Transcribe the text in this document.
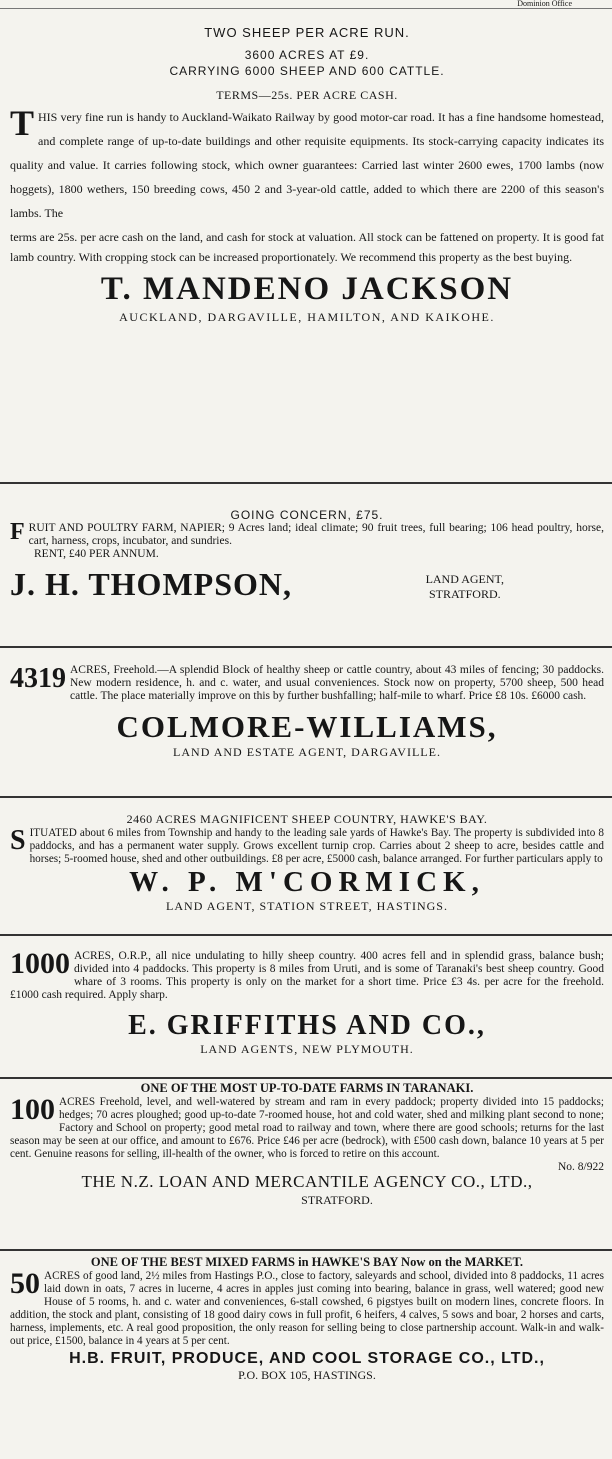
Dominion Office

TWO SHEEP PER ACRE RUN.

3600 ACRES AT £9.

CARRYING 6000 SHEEP AND 600 CATTLE.

TERMS—25s. PER ACRE CASH.

T HIS very fine run is handy to Auckland-Waikato Railway by good motor-car road. It has a fine handsome homestead, and complete range of up-to-date buildings and other requisite equipments. Its stock-carrying capacity indicates its quality and value. It carries following stock, which owner guarantees: Carried last winter 2600 ewes, 1700 lambs (now hoggets), 1800 wethers, 150 breeding cows, 450 2 and 3-year-old cattle, added to which there are 2200 of this season's lambs. The

terms are 25s. per acre cash on the land, and cash for stock at valuation. All stock can be fattened on property. It is good fat lamb country. With cropping stock can be increased proportionately. We recommend this property as the best buying.

T. MANDENO JACKSON

AUCKLAND, DARGAVILLE, HAMILTON, AND KAIKOHE.

GOING CONCERN, £75.

F RUIT AND POULTRY FARM, NAPIER; 9 Acres land; ideal climate; 90 fruit trees, full bearing; 106 head poultry, horse, cart, harness, crops, incubator, and sundries.

RENT, £40 PER ANNUM.

J. H. THOMPSON,	LAND AGENT,
STRATFORD.
4319 ACRES, Freehold.—A splendid Block of healthy sheep or cattle country, about 43 miles of fencing; 30 paddocks. New modern residence, h. and c. water, and usual conveniences. Stock now on property, 5700 sheep, 500 head cattle. The place materially improve on this by further bushfalling; half-mile to wharf. Price £8 10s. £6000 cash.

COLMORE-WILLIAMS,

LAND AND ESTATE AGENT, DARGAVILLE.

2460 ACRES MAGNIFICENT SHEEP COUNTRY, HAWKE'S BAY.

S ITUATED about 6 miles from Township and handy to the leading sale yards of Hawke's Bay. The property is subdivided into 8 paddocks, and has a permanent water supply. Grows excellent turnip crop. Carries about 2 sheep to acre, besides cattle and horses; 5-roomed house, shed and other outbuildings. £8 per acre, £5000 cash, balance arranged. For further particulars apply to

W. P. M'CORMICK,

LAND AGENT, STATION STREET, HASTINGS.

1000 ACRES, O.R.P., all nice undulating to hilly sheep country. 400 acres fell and in splendid grass, balance bush; divided into 4 paddocks. This property is 8 miles from Uruti, and is some of Taranaki's best sheep country. Good whare of 3 rooms. This property is only on the market for a short time. Price £3 4s. per acre for the freehold. £1000 cash required. Apply sharp.

E. GRIFFITHS AND CO.,

LAND AGENTS, NEW PLYMOUTH.

ONE OF THE MOST UP-TO-DATE FARMS IN TARANAKI.

100 ACRES Freehold, level, and well-watered by stream and ram in every paddock; property divided into 15 paddocks; hedges; 70 acres ploughed; good up-to-date 7-roomed house, hot and cold water, shed and milking plant second to none; Factory and School on property; good metal road to railway and town, where there are good schools; returns for the last season may be seen at our office, and amount to £676. Price £46 per acre (bedrock), with £500 cash down, balance 10 years at 5 per cent. Genuine reasons for selling, ill-health of the owner, who is forced to retire on this account.

No. 8/922

THE N.Z. LOAN AND MERCANTILE AGENCY CO., LTD.,

STRATFORD.

ONE OF THE BEST MIXED FARMS in HAWKE'S BAY Now on the MARKET.

50 ACRES of good land, 2½ miles from Hastings P.O., close to factory, saleyards and school, divided into 8 paddocks, 11 acres laid down in oats, 7 acres in lucerne, 4 acres in apples just coming into bearing, balance in grass, well watered; good new House of 5 rooms, h. and c. water and conveniences, 6-stall cowshed, 6 pigstyes built on modern lines, concrete floors. In addition, the stock and plant, consisting of 18 good dairy cows in full profit, 6 heifers, 4 calves, 5 sows and boar, 2 horses and carts, harness, implements, etc. A real good proposition, the only reason for selling being to close partnership account. Walk-in and walk-out price, £1500, balance in 4 years at 5 per cent.

H.B. FRUIT, PRODUCE, AND COOL STORAGE CO., LTD.,

P.O. BOX 105, HASTINGS.
